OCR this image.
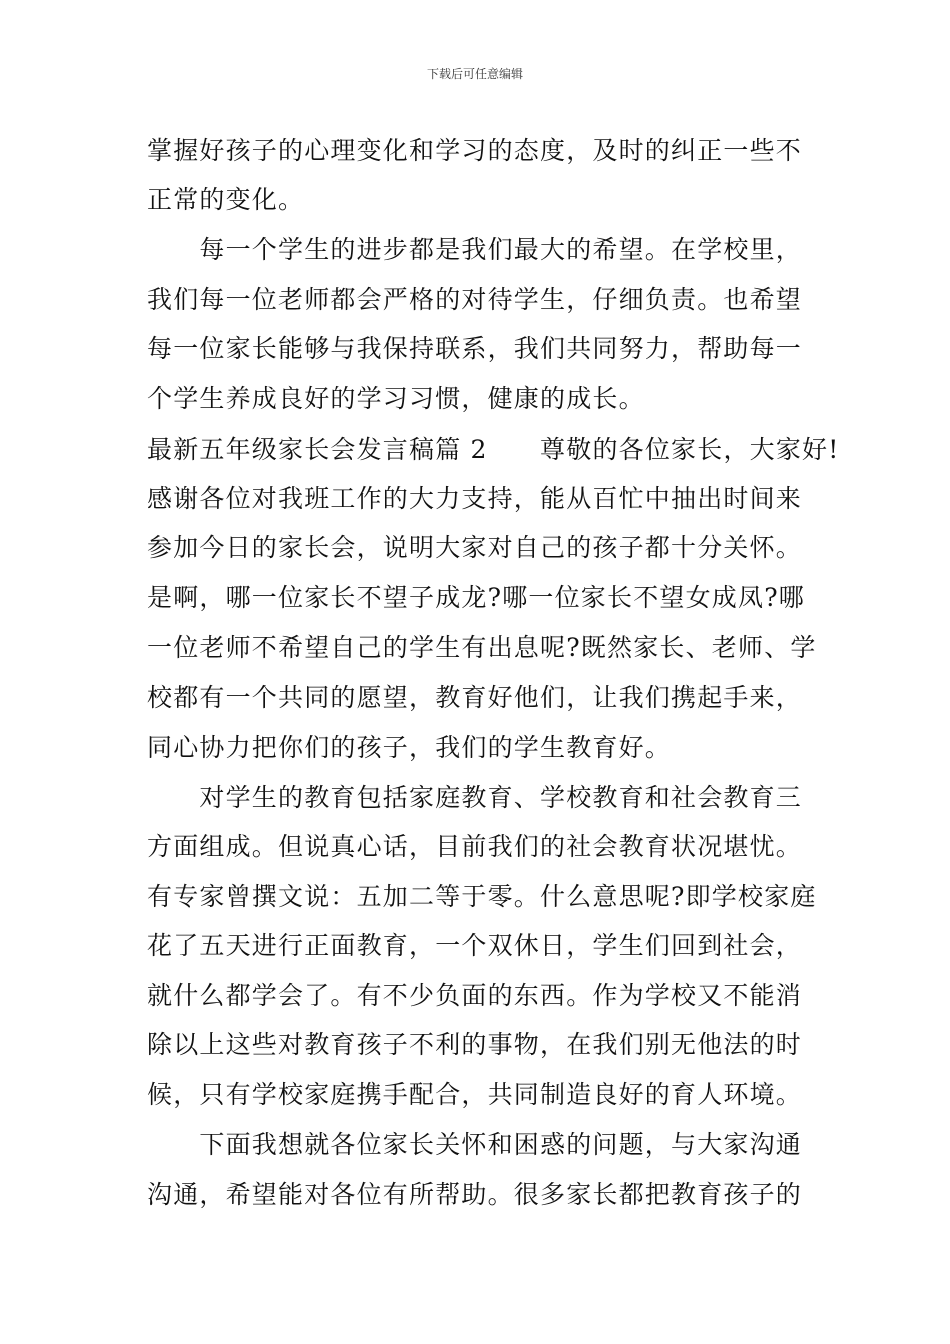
下载后可任意编辑
掌握好孩子的心理变化和学习的态度，及时的纠正一些不
正常的变化。
　　每一个学生的进步都是我们最大的希望。在学校里，
我们每一位老师都会严格的对待学生，仔细负责。也希望
每一位家长能够与我保持联系，我们共同努力，帮助每一
个学生养成良好的学习习惯，健康的成长。
最新五年级家长会发言稿篇 2　　尊敬的各位家长，大家好!
感谢各位对我班工作的大力支持，能从百忙中抽出时间来
参加今日的家长会，说明大家对自己的孩子都十分关怀。
是啊，哪一位家长不望子成龙?哪一位家长不望女成凤?哪
一位老师不希望自己的学生有出息呢?既然家长、老师、学
校都有一个共同的愿望，教育好他们，让我们携起手来，
同心协力把你们的孩子，我们的学生教育好。
　　对学生的教育包括家庭教育、学校教育和社会教育三
方面组成。但说真心话，目前我们的社会教育状况堪忧。
有专家曾撰文说：五加二等于零。什么意思呢?即学校家庭
花了五天进行正面教育，一个双休日，学生们回到社会，
就什么都学会了。有不少负面的东西。作为学校又不能消
除以上这些对教育孩子不利的事物，在我们别无他法的时
候，只有学校家庭携手配合，共同制造良好的育人环境。
　　下面我想就各位家长关怀和困惑的问题，与大家沟通
沟通，希望能对各位有所帮助。很多家长都把教育孩子的
